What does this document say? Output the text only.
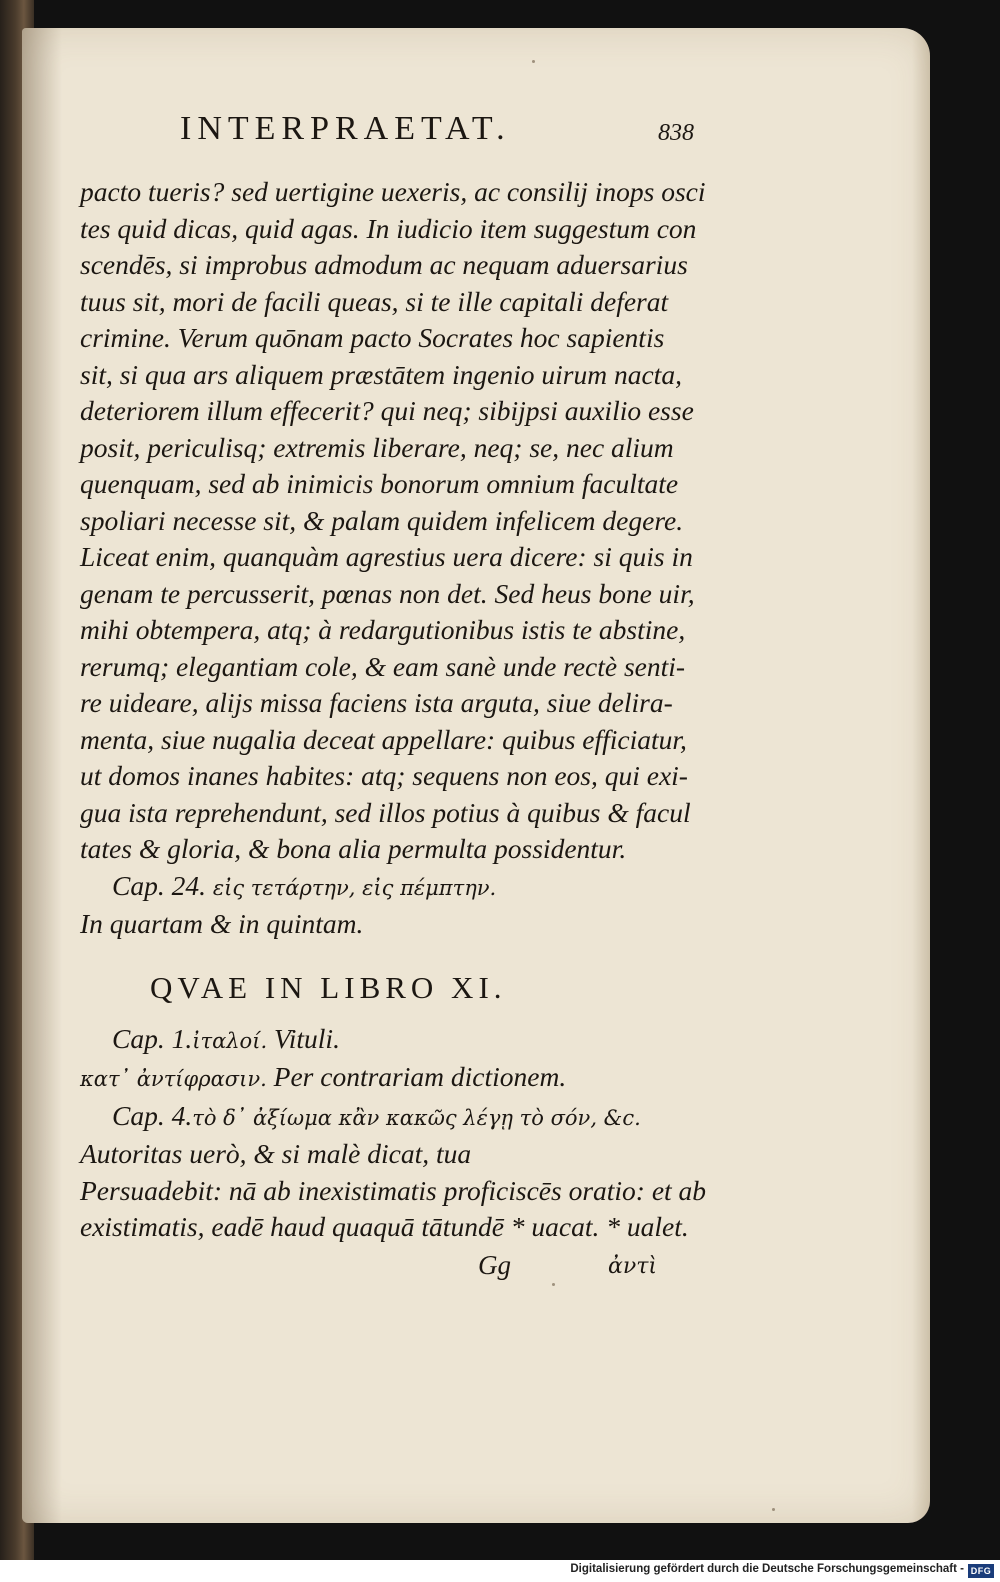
INTERPRAETAT.	838
pacto tueris? sed uertigine uexeris, ac consilij inops osci
tes quid dicas, quid agas. In iudicio item suggestum con
scendēs, si improbus admodum ac nequam aduersarius
tuus sit, mori de facili queas, si te ille capitali deferat
crimine. Verum quōnam pacto Socrates hoc sapientis
sit, si qua ars aliquem præstātem ingenio uirum nacta,
deteriorem illum effecerit? qui neq; sibijpsi auxilio esse
posit, periculisq; extremis liberare, neq; se, nec alium
quenquam, sed ab inimicis bonorum omnium facultate
spoliari necesse sit, & palam quidem infelicem degere.
Liceat enim, quanquàm agrestius uera dicere: si quis in
genam te percusserit, pœnas non det. Sed heus bone uir,
mihi obtempera, atq; à redargutionibus istis te abstine,
rerumq; elegantiam cole, & eam sanè unde rectè senti-
re uideare, alijs missa faciens ista arguta, siue delira-
menta, siue nugalia deceat appellare: quibus efficiatur,
ut domos inanes habites: atq; sequens non eos, qui exi-
gua ista reprehendunt, sed illos potius à quibus & facul
tates & gloria, & bona alia permulta possidentur.
Cap. 24. εἰς τετάρτην, εἰς πέμπτην.
In quartam & in quintam.
QVAE IN LIBRO XI.
Cap. 1.ἰταλοί. Vituli.
κατ᾽ ἀντίφρασιν. Per contrariam dictionem.
Cap. 4.τὸ δ᾽ ἀξίωμα κἂν κακῶς λέγῃ τὸ σόν, &c.
Autoritas uerò, & si malè dicat, tua
Persuadebit: nā ab inexistimatis proficiscēs oratio: et ab
existimatis, eadē haud quaquā tātundē * uacat. * ualet.
Gg	ἀντὶ
Digitalisierung gefördert durch die Deutsche Forschungsgemeinschaft - DFG
